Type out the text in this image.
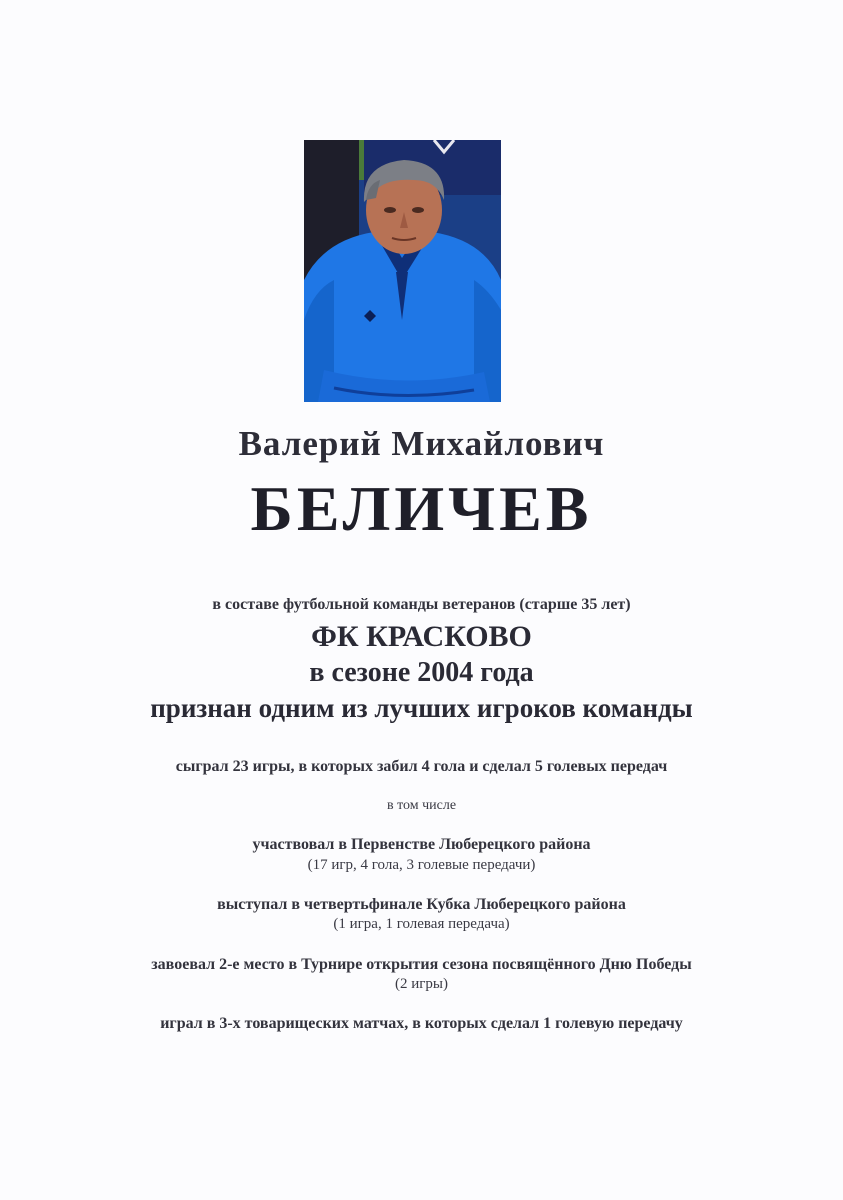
Валерий Михайлович
БЕЛИЧЕВ
в составе футбольной команды ветеранов (старше 35 лет)
ФК КРАСКОВО
в сезоне 2004 года
признан одним из лучших игроков команды
сыграл 23 игры, в которых забил 4 гола и сделал 5 голевых передач
в том числе
участвовал в Первенстве Люберецкого района
(17 игр, 4 гола, 3 голевые передачи)
выступал в четвертьфинале Кубка Люберецкого района
(1 игра, 1 голевая передача)
завоевал 2-е место в Турнире открытия сезона посвящённого Дню Победы
(2 игры)
играл в 3-х товарищеских матчах, в которых сделал 1 голевую передачу
